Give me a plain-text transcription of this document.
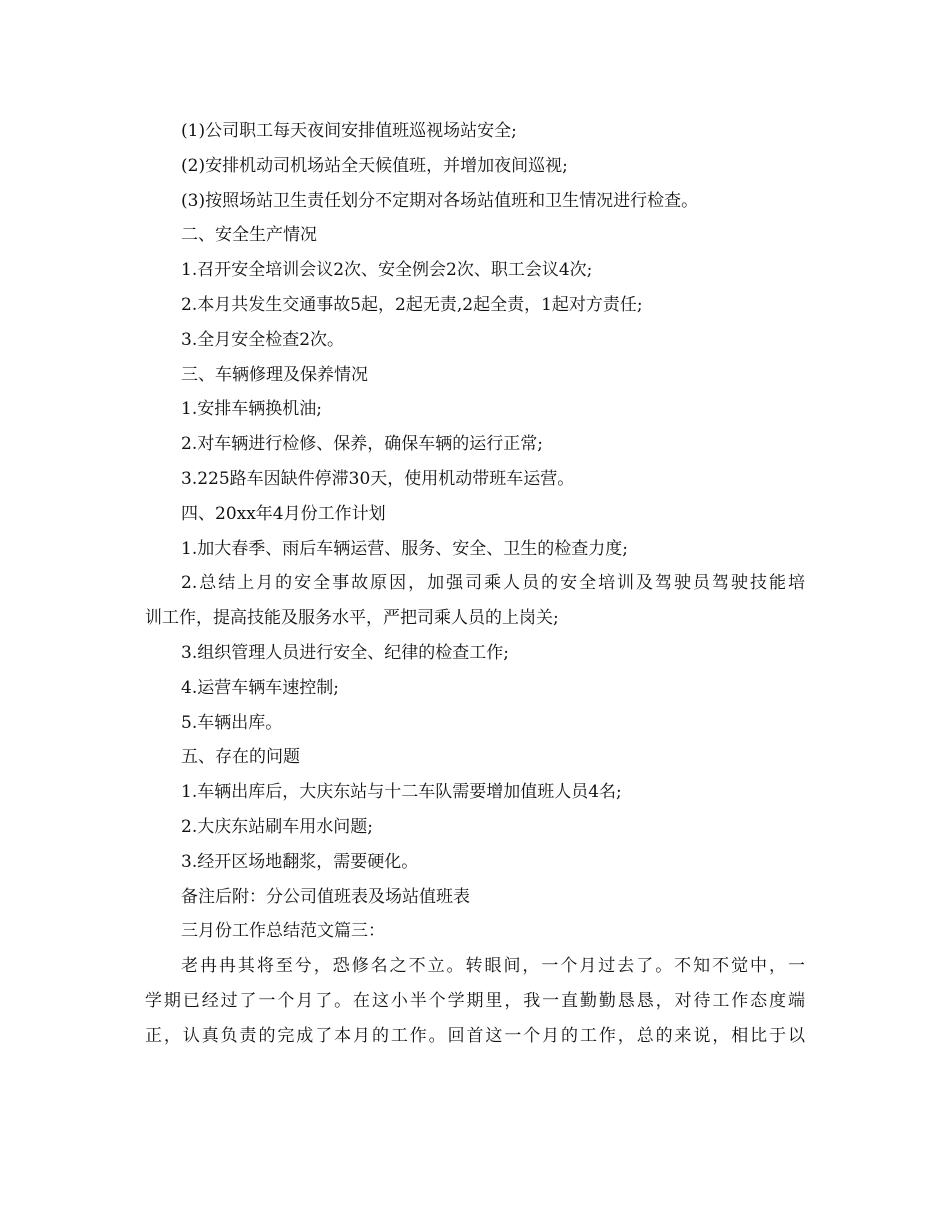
(1)公司职工每天夜间安排值班巡视场站安全;
(2)安排机动司机场站全天候值班，并增加夜间巡视;
(3)按照场站卫生责任划分不定期对各场站值班和卫生情况进行检查。
二、安全生产情况
1.召开安全培训会议2次、安全例会2次、职工会议4次;
2.本月共发生交通事故5起，2起无责,2起全责，1起对方责任;
3.全月安全检查2次。
三、车辆修理及保养情况
1.安排车辆换机油;
2.对车辆进行检修、保养，确保车辆的运行正常;
3.225路车因缺件停滞30天，使用机动带班车运营。
四、20xx年4月份工作计划
1.加大春季、雨后车辆运营、服务、安全、卫生的检查力度;
2.总结上月的安全事故原因，加强司乘人员的安全培训及驾驶员驾驶技能培
训工作，提高技能及服务水平，严把司乘人员的上岗关;
3.组织管理人员进行安全、纪律的检查工作;
4.运营车辆车速控制;
5.车辆出库。
五、存在的问题
1.车辆出库后，大庆东站与十二车队需要增加值班人员4名;
2.大庆东站刷车用水问题;
3.经开区场地翻浆，需要硬化。
备注后附：分公司值班表及场站值班表
三月份工作总结范文篇三：
老冉冉其将至兮，恐修名之不立。转眼间，一个月过去了。不知不觉中，一
学期已经过了一个月了。在这小半个学期里，我一直勤勤恳恳，对待工作态度端
正，认真负责的完成了本月的工作。回首这一个月的工作，总的来说，相比于以
